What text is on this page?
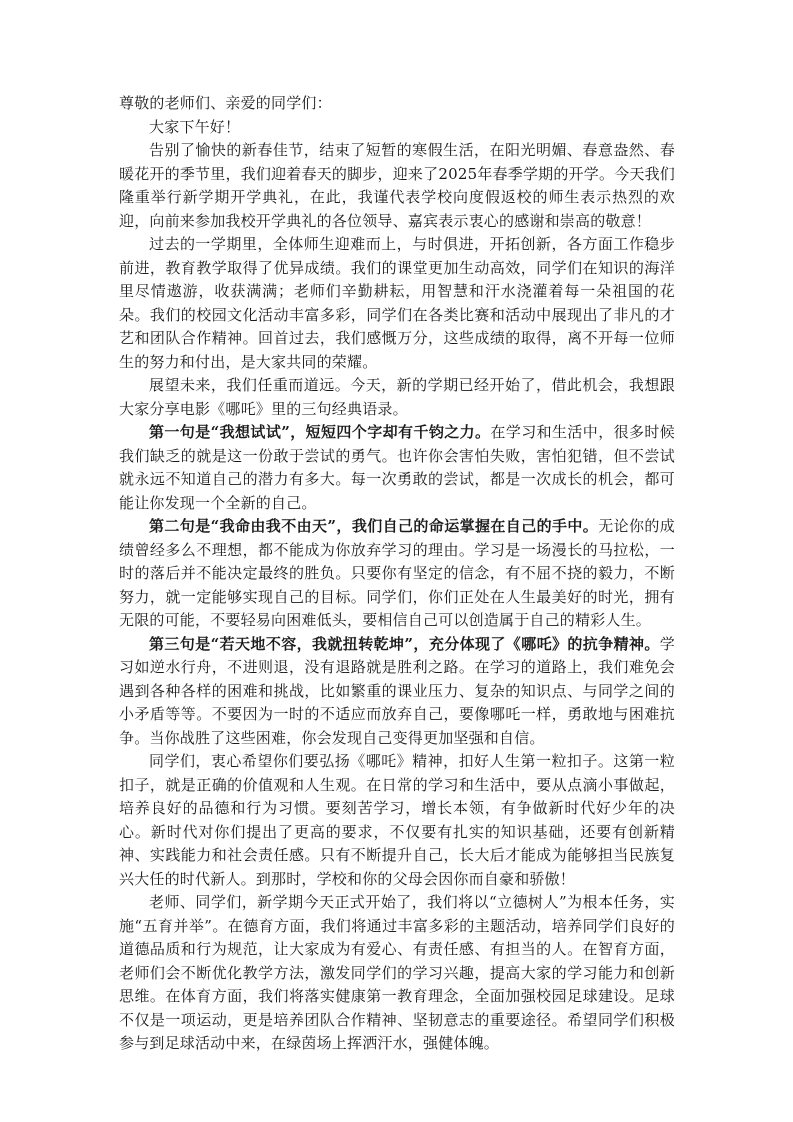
尊敬的老师们、亲爱的同学们：

大家下午好！

告别了愉快的新春佳节，结束了短暂的寒假生活，在阳光明媚、春意盎然、春暖花开的季节里，我们迎着春天的脚步，迎来了2025年春季学期的开学。今天我们隆重举行新学期开学典礼，在此，我谨代表学校向度假返校的师生表示热烈的欢迎，向前来参加我校开学典礼的各位领导、嘉宾表示衷心的感谢和崇高的敬意！

过去的一学期里，全体师生迎难而上，与时俱进，开拓创新，各方面工作稳步前进，教育教学取得了优异成绩。我们的课堂更加生动高效，同学们在知识的海洋里尽情遨游，收获满满；老师们辛勤耕耘，用智慧和汗水浇灌着每一朵祖国的花朵。我们的校园文化活动丰富多彩，同学们在各类比赛和活动中展现出了非凡的才艺和团队合作精神。回首过去，我们感慨万分，这些成绩的取得，离不开每一位师生的努力和付出，是大家共同的荣耀。

展望未来，我们任重而道远。今天，新的学期已经开始了，借此机会，我想跟大家分享电影《哪吒》里的三句经典语录。

第一句是“我想试试”，短短四个字却有千钧之力。在学习和生活中，很多时候我们缺乏的就是这一份敢于尝试的勇气。也许你会害怕失败，害怕犯错，但不尝试就永远不知道自己的潜力有多大。每一次勇敢的尝试，都是一次成长的机会，都可能让你发现一个全新的自己。

第二句是“我命由我不由天”，我们自己的命运掌握在自己的手中。无论你的成绩曾经多么不理想，都不能成为你放弃学习的理由。学习是一场漫长的马拉松，一时的落后并不能决定最终的胜负。只要你有坚定的信念，有不屈不挠的毅力，不断努力，就一定能够实现自己的目标。同学们，你们正处在人生最美好的时光，拥有无限的可能，不要轻易向困难低头，要相信自己可以创造属于自己的精彩人生。

第三句是“若天地不容，我就扭转乾坤”，充分体现了《哪吒》的抗争精神。学习如逆水行舟，不进则退，没有退路就是胜利之路。在学习的道路上，我们难免会遇到各种各样的困难和挑战，比如繁重的课业压力、复杂的知识点、与同学之间的小矛盾等等。不要因为一时的不适应而放弃自己，要像哪吒一样，勇敢地与困难抗争。当你战胜了这些困难，你会发现自己变得更加坚强和自信。

同学们，衷心希望你们要弘扬《哪吒》精神，扣好人生第一粒扣子。这第一粒扣子，就是正确的价值观和人生观。在日常的学习和生活中，要从点滴小事做起，培养良好的品德和行为习惯。要刻苦学习，增长本领，有争做新时代好少年的决心。新时代对你们提出了更高的要求，不仅要有扎实的知识基础，还要有创新精神、实践能力和社会责任感。只有不断提升自己，长大后才能成为能够担当民族复兴大任的时代新人。到那时，学校和你的父母会因你而自豪和骄傲！

老师、同学们，新学期今天正式开始了，我们将以“立德树人”为根本任务，实施“五育并举”。在德育方面，我们将通过丰富多彩的主题活动，培养同学们良好的道德品质和行为规范，让大家成为有爱心、有责任感、有担当的人。在智育方面，老师们会不断优化教学方法，激发同学们的学习兴趣，提高大家的学习能力和创新思维。在体育方面，我们将落实健康第一教育理念，全面加强校园足球建设。足球不仅是一项运动，更是培养团队合作精神、坚韧意志的重要途径。希望同学们积极参与到足球活动中来，在绿茵场上挥洒汗水，强健体魄。
